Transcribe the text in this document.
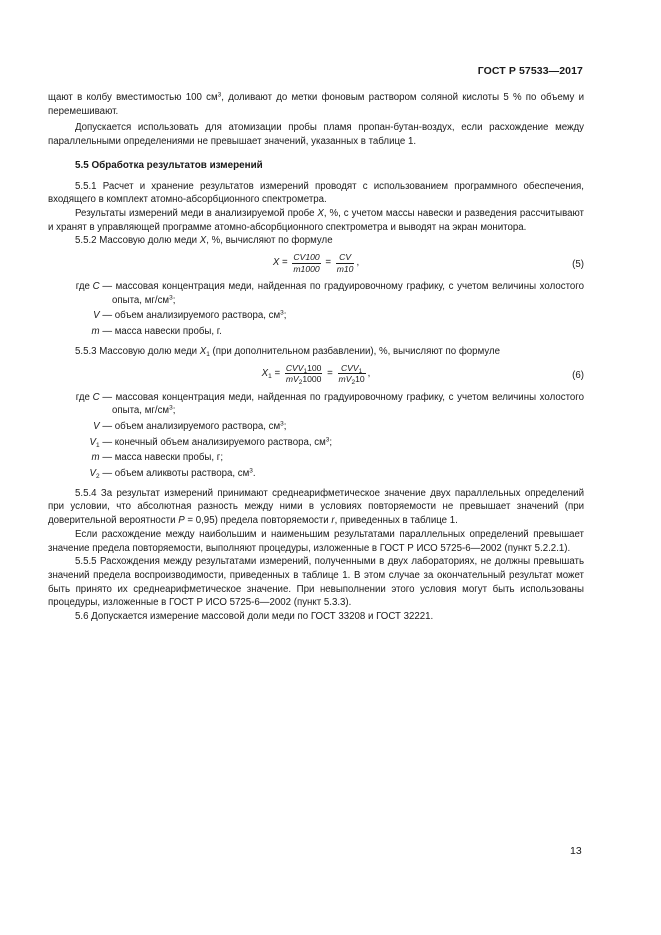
ГОСТ Р 57533—2017

щают в колбу вместимостью 100 $см^3$, доливают до метки фоновым раствором соляной кислоты 5 % по объему и перемешивают.

Допускается использовать для атомизации пробы пламя пропан-бутан-воздух, если расхождение между параллельными определениями не превышает значений, указанных в таблице 1.

5.5 Обработка результатов измерений

5.5.1 Расчет и хранение результатов измерений проводят с использованием программного обеспечения, входящего в комплект атомно-абсорбционного спектрометра.

Результаты измерений меди в анализируемой пробе X, %, с учетом массы навески и разведения рассчитывают и хранят в управляющей программе атомно-абсорбционного спектрометра и выводят на экран монитора.

5.5.2 Массовую долю меди X, %, вычисляют по формуле

$X = \frac{CV100}{m1000} = \frac{CV}{m10}$ ,	(5)
где C — массовая концентрация меди, найденная по градуировочному графику, с учетом величины холостого опыта, $мг/см^3$;
V — объем анализируемого раствора, $см^3$;
m — масса навески пробы, г.

5.5.3 Массовую долю меди $X_1$ (при дополнительном разбавлении), %, вычисляют по формуле

$X_1 = \frac{CVV_1100}{mV_21000} = \frac{CVV_1}{mV_210}$ ,	(6)
где C — массовая концентрация меди, найденная по градуировочному графику, с учетом величины холостого опыта, $мг/см^3$;
V — объем анализируемого раствора, $см^3$;
$V_1$ — конечный объем анализируемого раствора, $см^3$;
m — масса навески пробы, г;
$V_2$ — объем аликвоты раствора, $см^3$.

5.5.4 За результат измерений принимают среднеарифметическое значение двух параллельных определений при условии, что абсолютная разность между ними в условиях повторяемости не превышает значений (при доверительной вероятности P = 0,95) предела повторяемости r, приведенных в таблице 1.

Если расхождение между наибольшим и наименьшим результатами параллельных определений превышает значение предела повторяемости, выполняют процедуры, изложенные в ГОСТ Р ИСО 5725-6—2002 (пункт 5.2.2.1).

5.5.5 Расхождения между результатами измерений, полученными в двух лабораториях, не должны превышать значений предела воспроизводимости, приведенных в таблице 1. В этом случае за окончательный результат может быть принято их среднеарифметическое значение. При невыполнении этого условия могут быть использованы процедуры, изложенные в ГОСТ Р ИСО 5725-6—2002 (пункт 5.3.3).

5.6 Допускается измерение массовой доли меди по ГОСТ 33208 и ГОСТ 32221.

13
